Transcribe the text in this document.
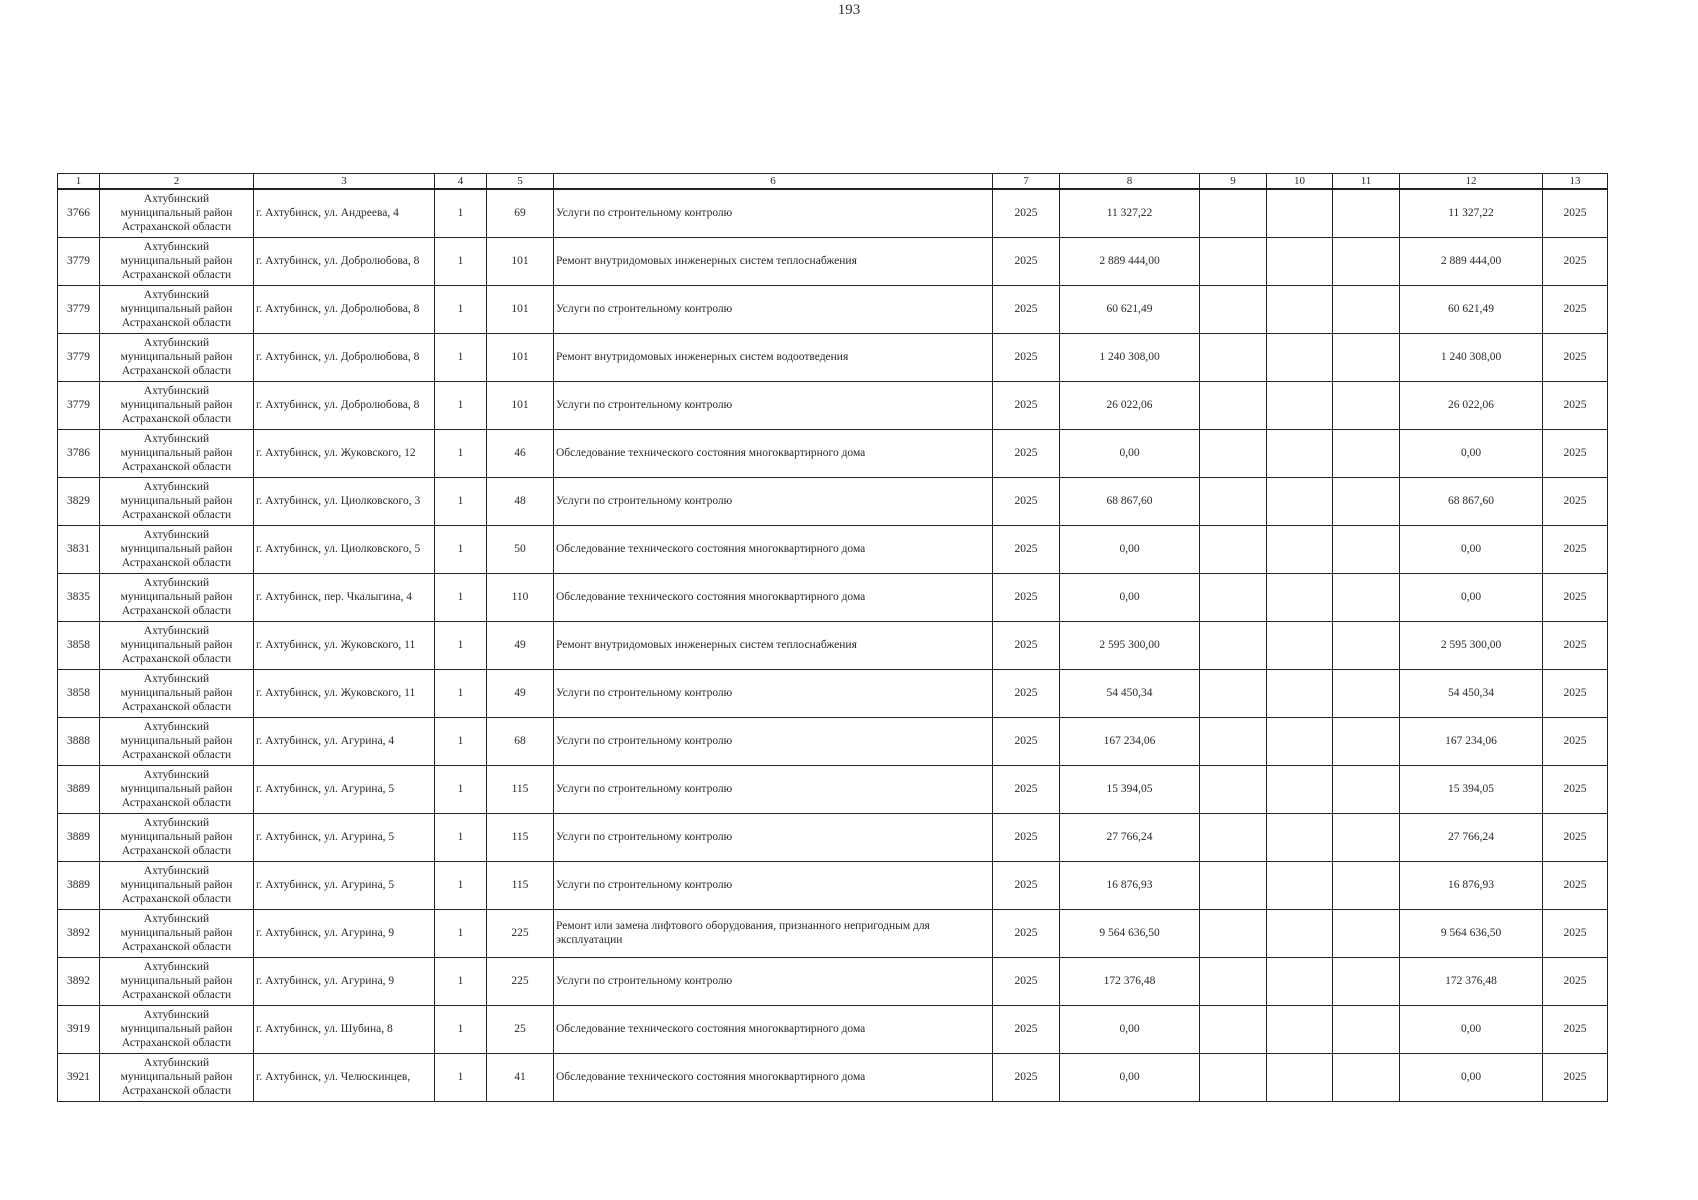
193
1	2	3	4	5	6	7	8	9	10	11	12	13
3766	Ахтубинский
муниципальный район
Астраханской области	г. Ахтубинск, ул. Андреева, 4	1	69	Услуги по строительному контролю	2025	11 327,22				11 327,22	2025
3779	Ахтубинский
муниципальный район
Астраханской области	г. Ахтубинск, ул. Добролюбова, 8	1	101	Ремонт внутридомовых инженерных систем теплоснабжения	2025	2 889 444,00				2 889 444,00	2025
3779	Ахтубинский
муниципальный район
Астраханской области	г. Ахтубинск, ул. Добролюбова, 8	1	101	Услуги по строительному контролю	2025	60 621,49				60 621,49	2025
3779	Ахтубинский
муниципальный район
Астраханской области	г. Ахтубинск, ул. Добролюбова, 8	1	101	Ремонт внутридомовых инженерных систем водоотведения	2025	1 240 308,00				1 240 308,00	2025
3779	Ахтубинский
муниципальный район
Астраханской области	г. Ахтубинск, ул. Добролюбова, 8	1	101	Услуги по строительному контролю	2025	26 022,06				26 022,06	2025
3786	Ахтубинский
муниципальный район
Астраханской области	г. Ахтубинск, ул. Жуковского, 12	1	46	Обследование технического состояния многоквартирного дома	2025	0,00				0,00	2025
3829	Ахтубинский
муниципальный район
Астраханской области	г. Ахтубинск, ул. Циолковского, 3	1	48	Услуги по строительному контролю	2025	68 867,60				68 867,60	2025
3831	Ахтубинский
муниципальный район
Астраханской области	г. Ахтубинск, ул. Циолковского, 5	1	50	Обследование технического состояния многоквартирного дома	2025	0,00				0,00	2025
3835	Ахтубинский
муниципальный район
Астраханской области	г. Ахтубинск, пер. Чкалыгина, 4	1	110	Обследование технического состояния многоквартирного дома	2025	0,00				0,00	2025
3858	Ахтубинский
муниципальный район
Астраханской области	г. Ахтубинск, ул. Жуковского, 11	1	49	Ремонт внутридомовых инженерных систем теплоснабжения	2025	2 595 300,00				2 595 300,00	2025
3858	Ахтубинский
муниципальный район
Астраханской области	г. Ахтубинск, ул. Жуковского, 11	1	49	Услуги по строительному контролю	2025	54 450,34				54 450,34	2025
3888	Ахтубинский
муниципальный район
Астраханской области	г. Ахтубинск, ул. Агурина, 4	1	68	Услуги по строительному контролю	2025	167 234,06				167 234,06	2025
3889	Ахтубинский
муниципальный район
Астраханской области	г. Ахтубинск, ул. Агурина, 5	1	115	Услуги по строительному контролю	2025	15 394,05				15 394,05	2025
3889	Ахтубинский
муниципальный район
Астраханской области	г. Ахтубинск, ул. Агурина, 5	1	115	Услуги по строительному контролю	2025	27 766,24				27 766,24	2025
3889	Ахтубинский
муниципальный район
Астраханской области	г. Ахтубинск, ул. Агурина, 5	1	115	Услуги по строительному контролю	2025	16 876,93				16 876,93	2025
3892	Ахтубинский
муниципальный район
Астраханской области	г. Ахтубинск, ул. Агурина, 9	1	225	Ремонт или замена лифтового оборудования, признанного непригодным для эксплуатации	2025	9 564 636,50				9 564 636,50	2025
3892	Ахтубинский
муниципальный район
Астраханской области	г. Ахтубинск, ул. Агурина, 9	1	225	Услуги по строительному контролю	2025	172 376,48				172 376,48	2025
3919	Ахтубинский
муниципальный район
Астраханской области	г. Ахтубинск, ул. Шубина, 8	1	25	Обследование технического состояния многоквартирного дома	2025	0,00				0,00	2025
3921	Ахтубинский
муниципальный район
Астраханской области	г. Ахтубинск, ул. Челюскинцев,	1	41	Обследование технического состояния многоквартирного дома	2025	0,00				0,00	2025
